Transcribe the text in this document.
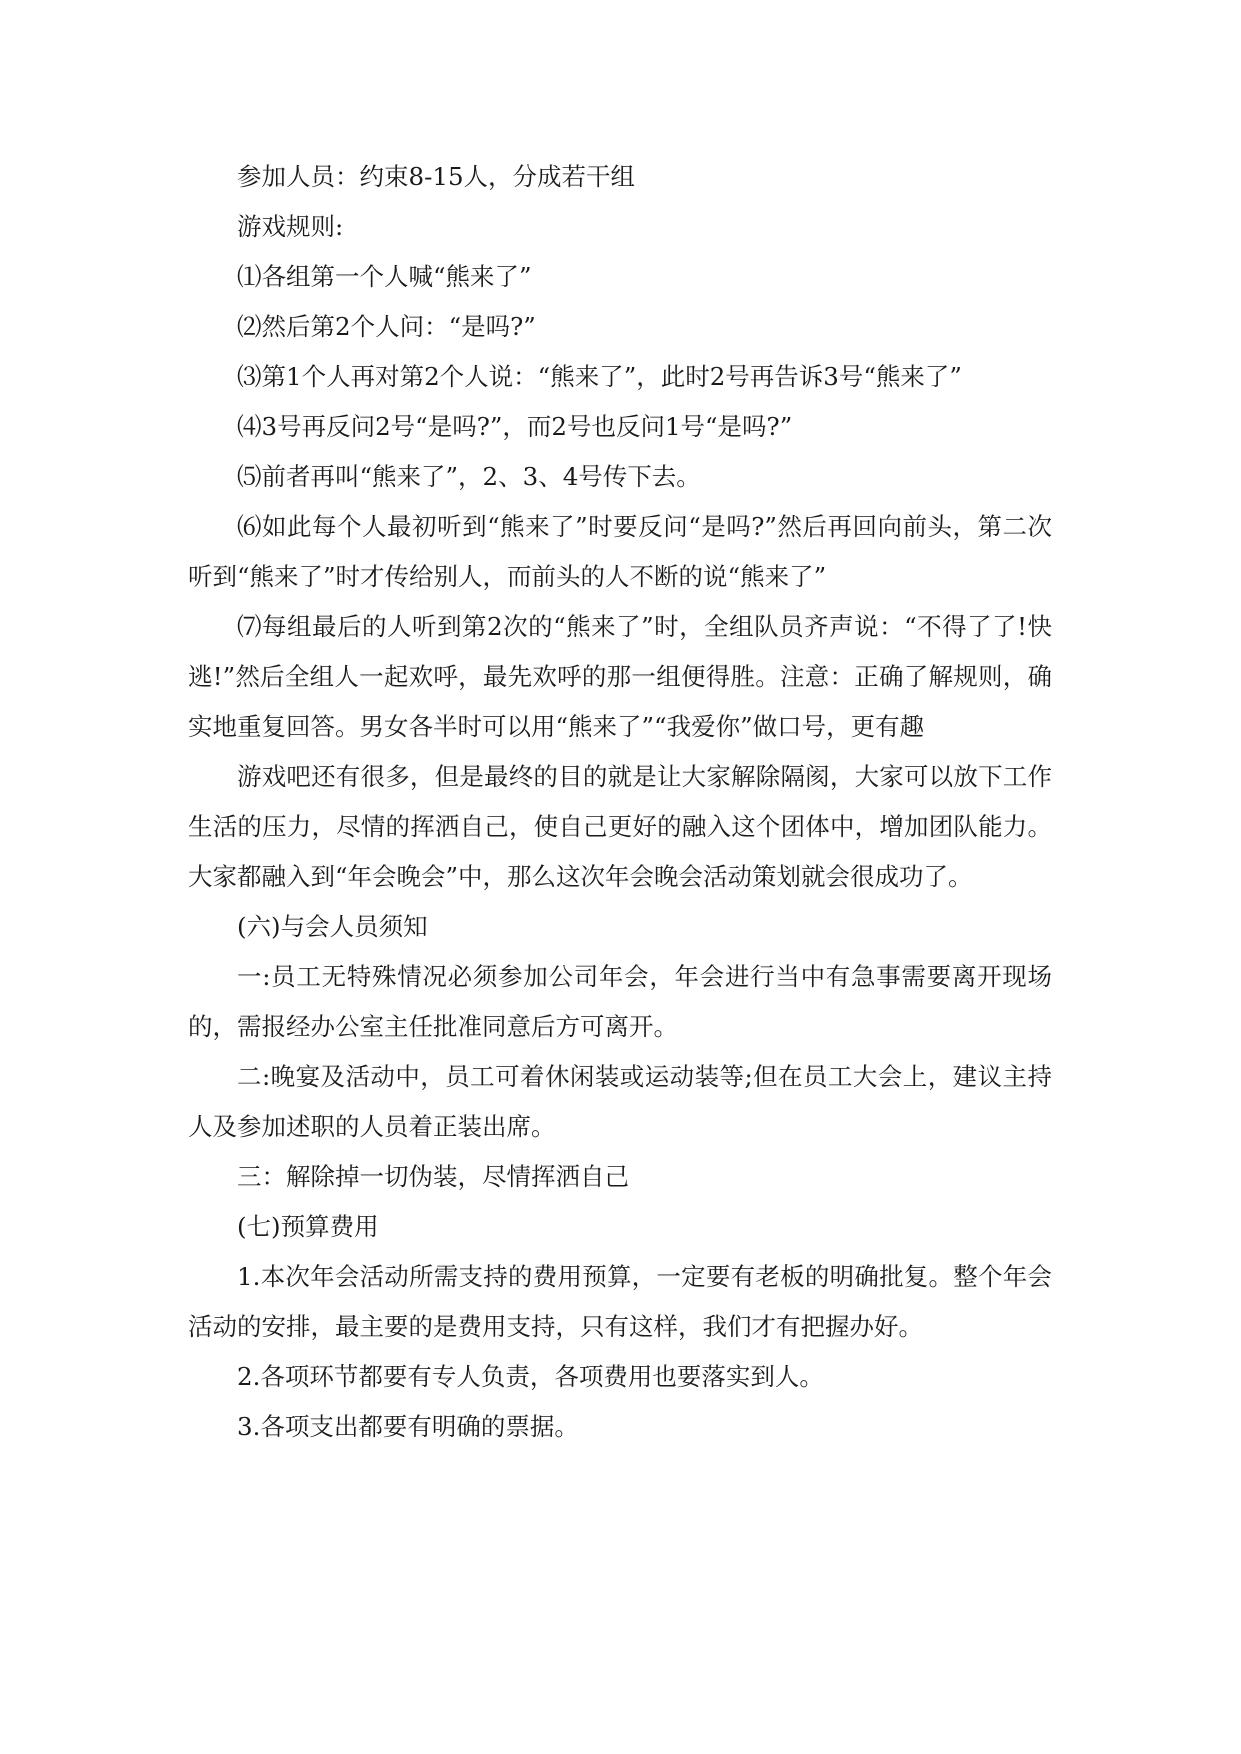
参加人员：约束8-15人，分成若干组

游戏规则:

⑴各组第一个人喊“熊来了”

⑵然后第2个人问：“是吗?”

⑶第1个人再对第2个人说：“熊来了”，此时2号再告诉3号“熊来了”

⑷3号再反问2号“是吗?”，而2号也反问1号“是吗?”

⑸前者再叫“熊来了”，2、3、4号传下去。

⑹如此每个人最初听到“熊来了”时要反问“是吗?”然后再回向前头，第二次听到“熊来了”时才传给别人，而前头的人不断的说“熊来了”

⑺每组最后的人听到第2次的“熊来了”时，全组队员齐声说：“不得了了!快逃!”然后全组人一起欢呼，最先欢呼的那一组便得胜。注意：正确了解规则，确实地重复回答。男女各半时可以用“熊来了”“我爱你”做口号，更有趣

游戏吧还有很多，但是最终的目的就是让大家解除隔阂，大家可以放下工作生活的压力，尽情的挥洒自己，使自己更好的融入这个团体中，增加团队能力。大家都融入到“年会晚会”中，那么这次年会晚会活动策划就会很成功了。

(六)与会人员须知

一:员工无特殊情况必须参加公司年会，年会进行当中有急事需要离开现场的，需报经办公室主任批准同意后方可离开。

二:晚宴及活动中，员工可着休闲装或运动装等;但在员工大会上，建议主持人及参加述职的人员着正装出席。

三：解除掉一切伪装，尽情挥洒自己

(七)预算费用

1.本次年会活动所需支持的费用预算，一定要有老板的明确批复。整个年会活动的安排，最主要的是费用支持，只有这样，我们才有把握办好。

2.各项环节都要有专人负责，各项费用也要落实到人。

3.各项支出都要有明确的票据。
